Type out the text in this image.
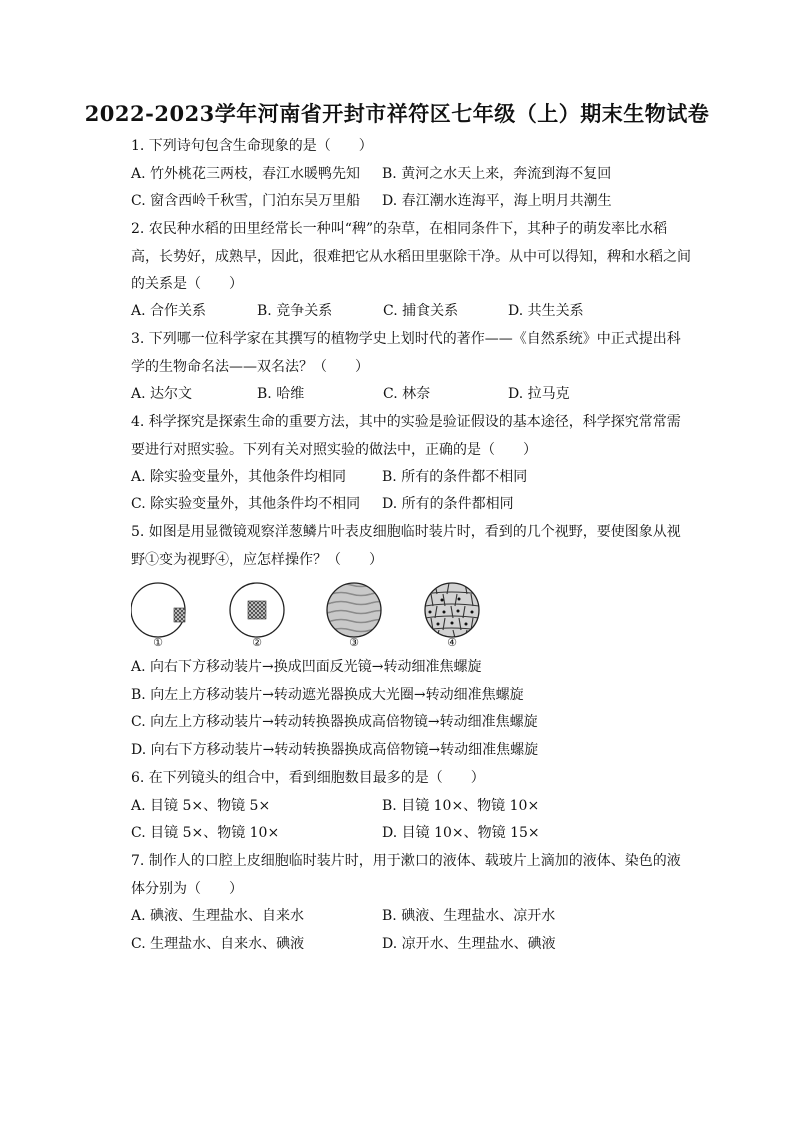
2022-2023学年河南省开封市祥符区七年级（上）期末生物试卷
1. 下列诗句包含生命现象的是（　　）
A. 竹外桃花三两枝，春江水暖鸭先知 B. 黄河之水天上来，奔流到海不复回
C. 窗含西岭千秋雪，门泊东吴万里船 D. 春江潮水连海平，海上明月共潮生
2. 农民种水稻的田里经常长一种叫“稗”的杂草，在相同条件下，其种子的萌发率比水稻高，长势好，成熟早，因此，很难把它从水稻田里驱除干净。从中可以得知，稗和水稻之间的关系是（　　）
A. 合作关系	B. 竞争关系	C. 捕食关系	D. 共生关系
3. 下列哪一位科学家在其撰写的植物学史上划时代的著作——《自然系统》中正式提出科学的生物命名法——双名法？（　　）
A. 达尔文	B. 哈维	C. 林奈	D. 拉马克
4. 科学探究是探索生命的重要方法，其中的实验是验证假设的基本途径，科学探究常常需要进行对照实验。下列有关对照实验的做法中，正确的是（　　）
A. 除实验变量外，其他条件均相同	B. 所有的条件都不相同
C. 除实验变量外，其他条件均不相同 D. 所有的条件都相同
5. 如图是用显微镜观察洋葱鳞片叶表皮细胞临时装片时，看到的几个视野，要使图象从视野①变为视野④，应怎样操作？（　　）
①	②	③	④
A. 向右下方移动装片→换成凹面反光镜→转动细准焦螺旋
B. 向左上方移动装片→转动遮光器换成大光圈→转动细准焦螺旋
C. 向左上方移动装片→转动转换器换成高倍物镜→转动细准焦螺旋
D. 向右下方移动装片→转动转换器换成高倍物镜→转动细准焦螺旋
6. 在下列镜头的组合中，看到细胞数目最多的是（　　）
A. 目镜 5×、物镜 5×	B. 目镜 10×、物镜 10×
C. 目镜 5×、物镜 10×	D. 目镜 10×、物镜 15×
7. 制作人的口腔上皮细胞临时装片时，用于漱口的液体、载玻片上滴加的液体、染色的液体分别为（　　）
A. 碘液、生理盐水、自来水	B. 碘液、生理盐水、凉开水
C. 生理盐水、自来水、碘液	D. 凉开水、生理盐水、碘液
